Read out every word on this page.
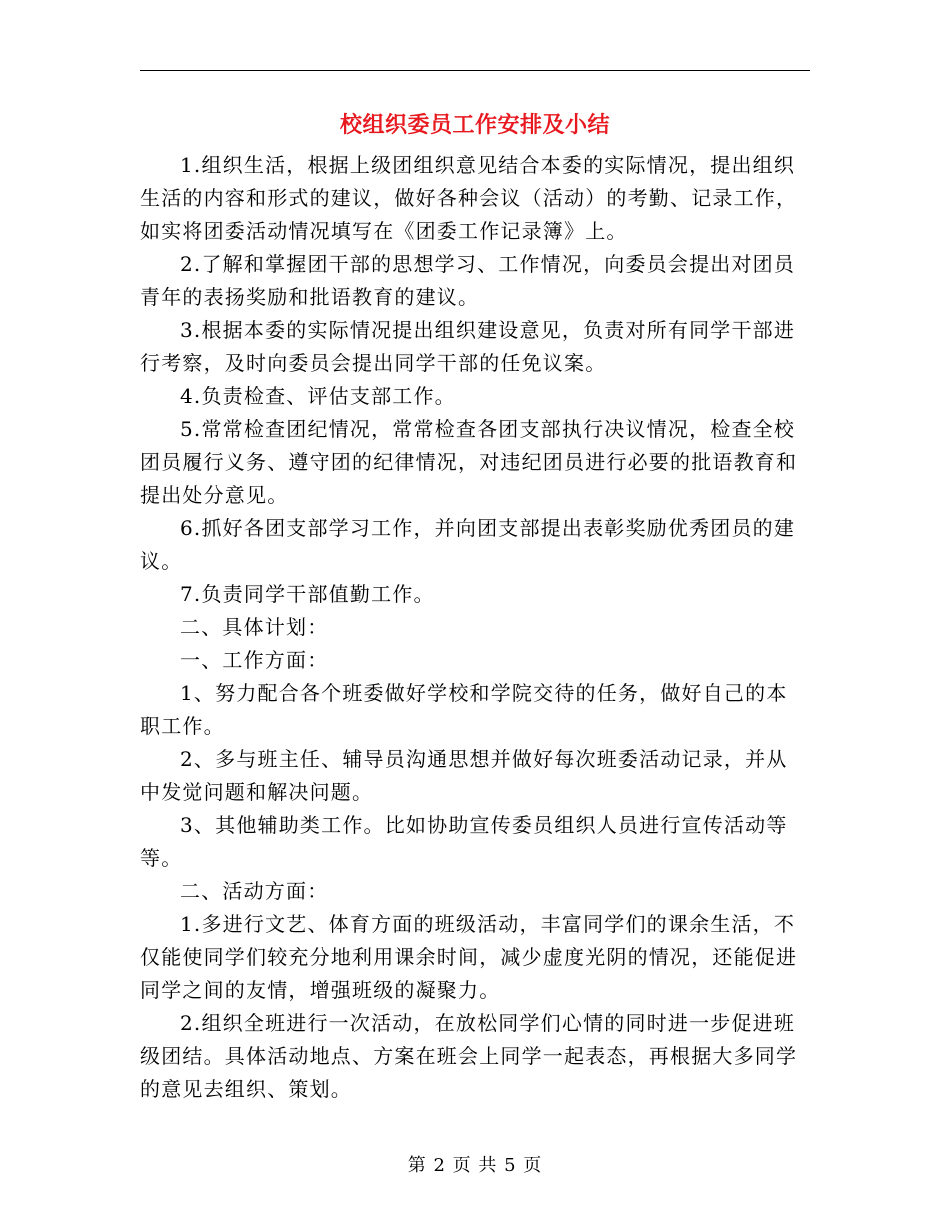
校组织委员工作安排及小结

1.组织生活，根据上级团组织意见结合本委的实际情况，提出组织生活的内容和形式的建议，做好各种会议（活动）的考勤、记录工作，如实将团委活动情况填写在《团委工作记录簿》上。

2.了解和掌握团干部的思想学习、工作情况，向委员会提出对团员青年的表扬奖励和批语教育的建议。

3.根据本委的实际情况提出组织建设意见，负责对所有同学干部进行考察，及时向委员会提出同学干部的任免议案。

4.负责检查、评估支部工作。

5.常常检查团纪情况，常常检查各团支部执行决议情况，检查全校团员履行义务、遵守团的纪律情况，对违纪团员进行必要的批语教育和提出处分意见。

6.抓好各团支部学习工作，并向团支部提出表彰奖励优秀团员的建议。

7.负责同学干部值勤工作。

二、具体计划：

一、工作方面：

1、努力配合各个班委做好学校和学院交待的任务，做好自己的本职工作。

2、多与班主任、辅导员沟通思想并做好每次班委活动记录，并从中发觉问题和解决问题。

3、其他辅助类工作。比如协助宣传委员组织人员进行宣传活动等等。

二、活动方面：

1.多进行文艺、体育方面的班级活动，丰富同学们的课余生活，不仅能使同学们较充分地利用课余时间，减少虚度光阴的情况，还能促进同学之间的友情，增强班级的凝聚力。

2.组织全班进行一次活动，在放松同学们心情的同时进一步促进班级团结。具体活动地点、方案在班会上同学一起表态，再根据大多同学的意见去组织、策划。

第 2 页 共 5 页
